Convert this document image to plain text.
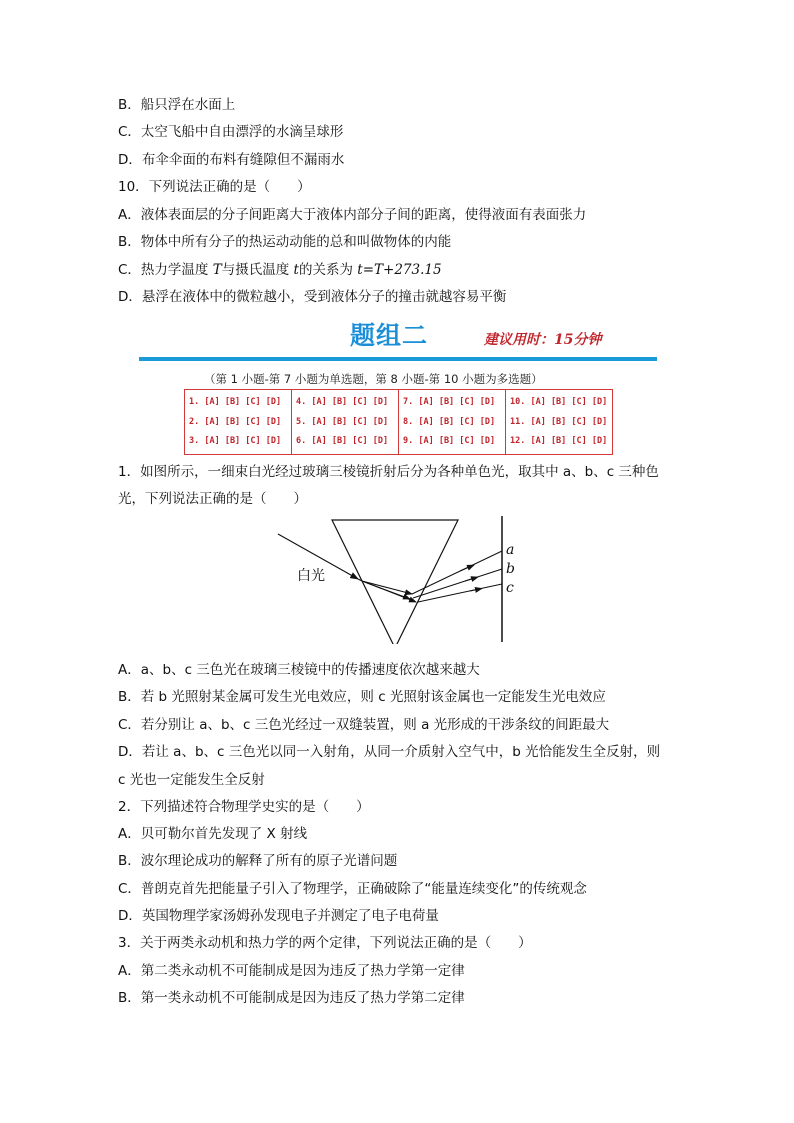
B．船只浮在水面上
C．太空飞船中自由漂浮的水滴呈球形
D．布伞伞面的布料有缝隙但不漏雨水
10．下列说法正确的是（　　）
A．液体表面层的分子间距离大于液体内部分子间的距离，使得液面有表面张力
B．物体中所有分子的热运动动能的总和叫做物体的内能
C．热力学温度 T与摄氏温度 t的关系为 t=T+273.15
D．悬浮在液体中的微粒越小，受到液体分子的撞击就越容易平衡
题组二	建议用时：15分钟
（第 1 小题-第 7 小题为单选题，第 8 小题-第 10 小题为多选题）
1. [A] [B] [C] [D]
2. [A] [B] [C] [D]
3. [A] [B] [C] [D]
4. [A] [B] [C] [D]
5. [A] [B] [C] [D]
6. [A] [B] [C] [D]
7. [A] [B] [C] [D]
8. [A] [B] [C] [D]
9. [A] [B] [C] [D]
10. [A] [B] [C] [D]
11. [A] [B] [C] [D]
12. [A] [B] [C] [D]
1．如图所示，一细束白光经过玻璃三棱镜折射后分为各种单色光，取其中 a、b、c 三种色
光，下列说法正确的是（　　）
白光
a
b
c
A．a、b、c 三色光在玻璃三棱镜中的传播速度依次越来越大
B．若 b 光照射某金属可发生光电效应，则 c 光照射该金属也一定能发生光电效应
C．若分别让 a、b、c 三色光经过一双缝装置，则 a 光形成的干涉条纹的间距最大
D．若让 a、b、c 三色光以同一入射角，从同一介质射入空气中，b 光恰能发生全反射，则
c 光也一定能发生全反射
2．下列描述符合物理学史实的是（　　）
A．贝可勒尔首先发现了 X 射线
B．波尔理论成功的解释了所有的原子光谱问题
C．普朗克首先把能量子引入了物理学，正确破除了“能量连续变化”的传统观念
D．英国物理学家汤姆孙发现电子并测定了电子电荷量
3．关于两类永动机和热力学的两个定律，下列说法正确的是（　　）
A．第二类永动机不可能制成是因为违反了热力学第一定律
B．第一类永动机不可能制成是因为违反了热力学第二定律
